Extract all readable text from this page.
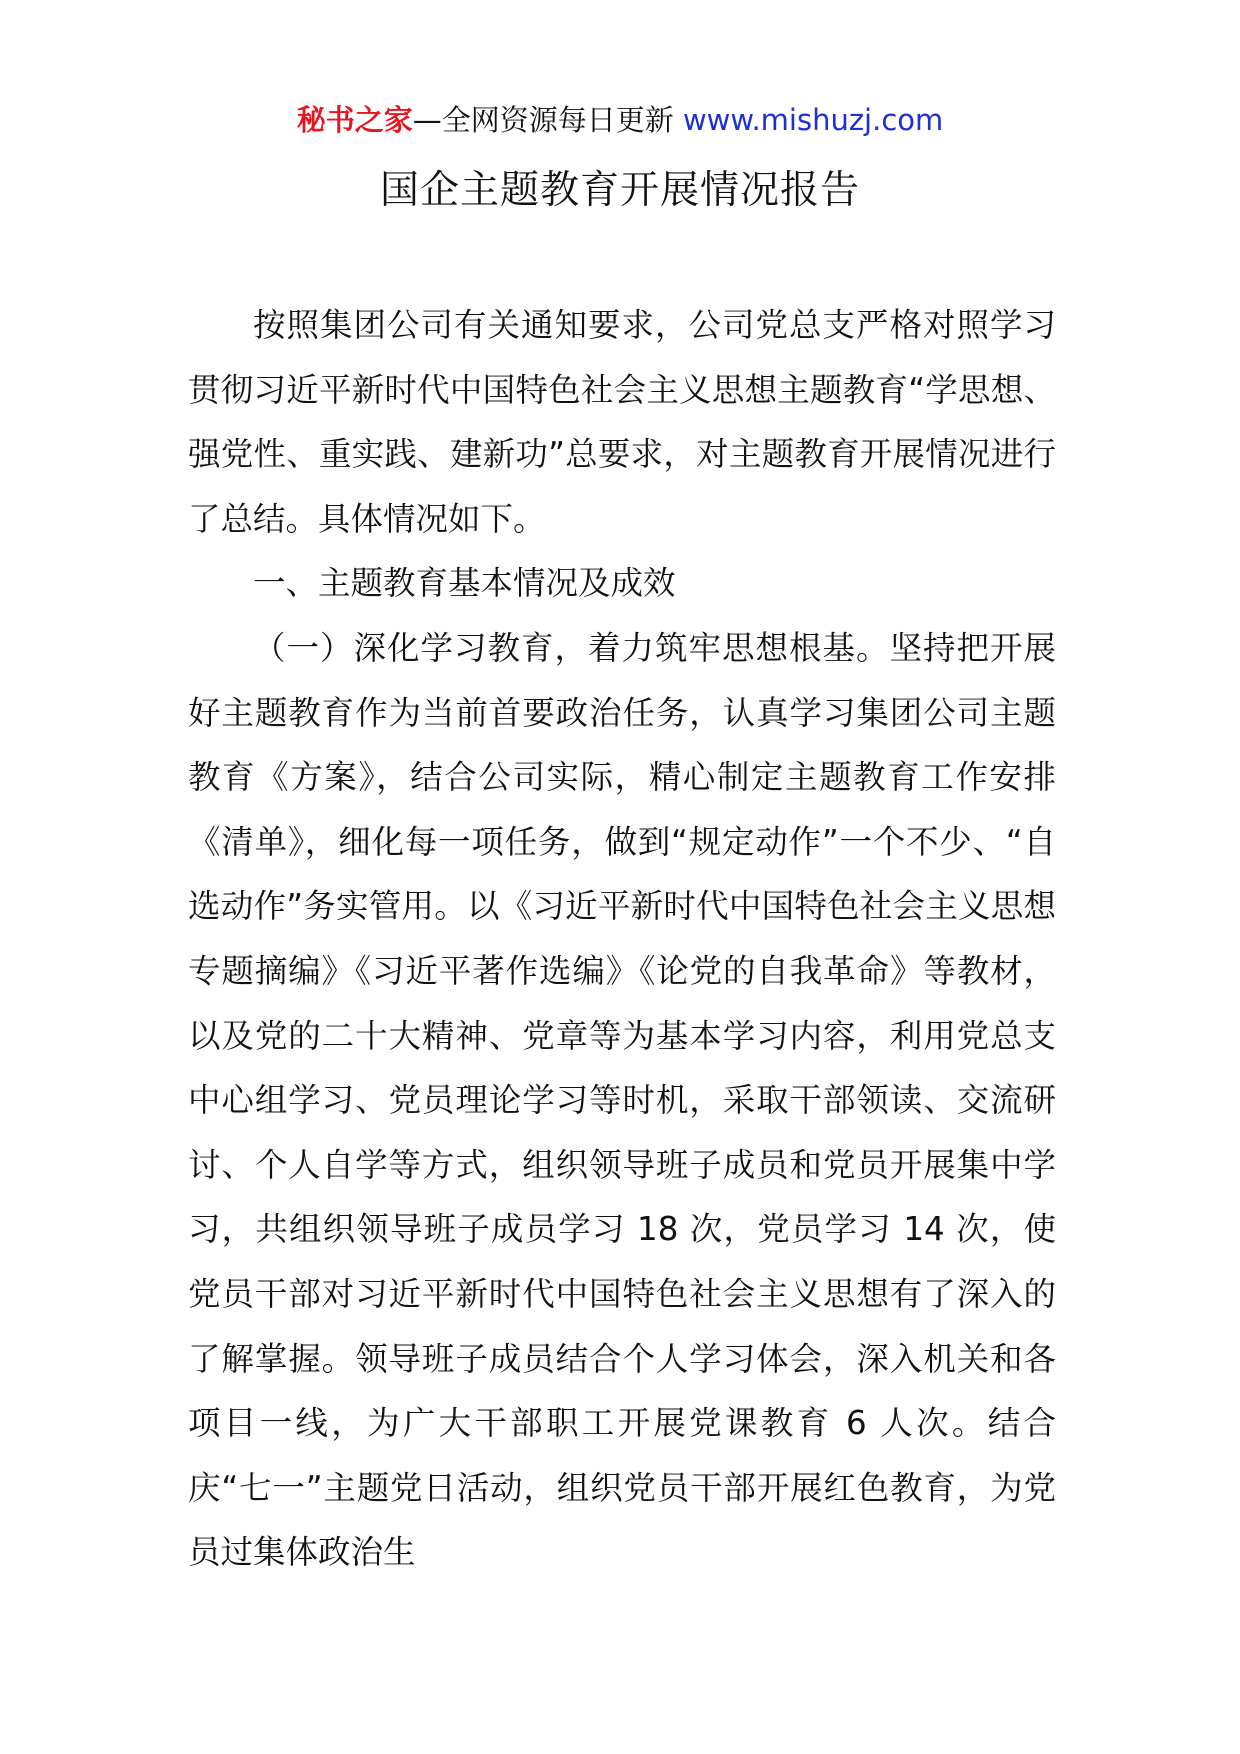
秘书之家—全网资源每日更新 www.mishuzj.com
国企主题教育开展情况报告

按照集团公司有关通知要求，公司党总支严格对照学习贯彻习近平新时代中国特色社会主义思想主题教育“学思想、强党性、重实践、建新功”总要求，对主题教育开展情况进行了总结。具体情况如下。

一、主题教育基本情况及成效

（一）深化学习教育，着力筑牢思想根基。坚持把开展好主题教育作为当前首要政治任务，认真学习集团公司主题教育《方案》，结合公司实际，精心制定主题教育工作安排《清单》，细化每一项任务，做到“规定动作”一个不少、“自选动作”务实管用。以《习近平新时代中国特色社会主义思想专题摘编》《习近平著作选编》《论党的自我革命》等教材，以及党的二十大精神、党章等为基本学习内容，利用党总支中心组学习、党员理论学习等时机，采取干部领读、交流研讨、个人自学等方式，组织领导班子成员和党员开展集中学习，共组织领导班子成员学习 18 次，党员学习 14 次，使党员干部对习近平新时代中国特色社会主义思想有了深入的了解掌握。领导班子成员结合个人学习体会，深入机关和各项目一线，为广大干部职工开展党课教育 6 人次。结合庆“七一”主题党日活动，组织党员干部开展红色教育，为党员过集体政治生
